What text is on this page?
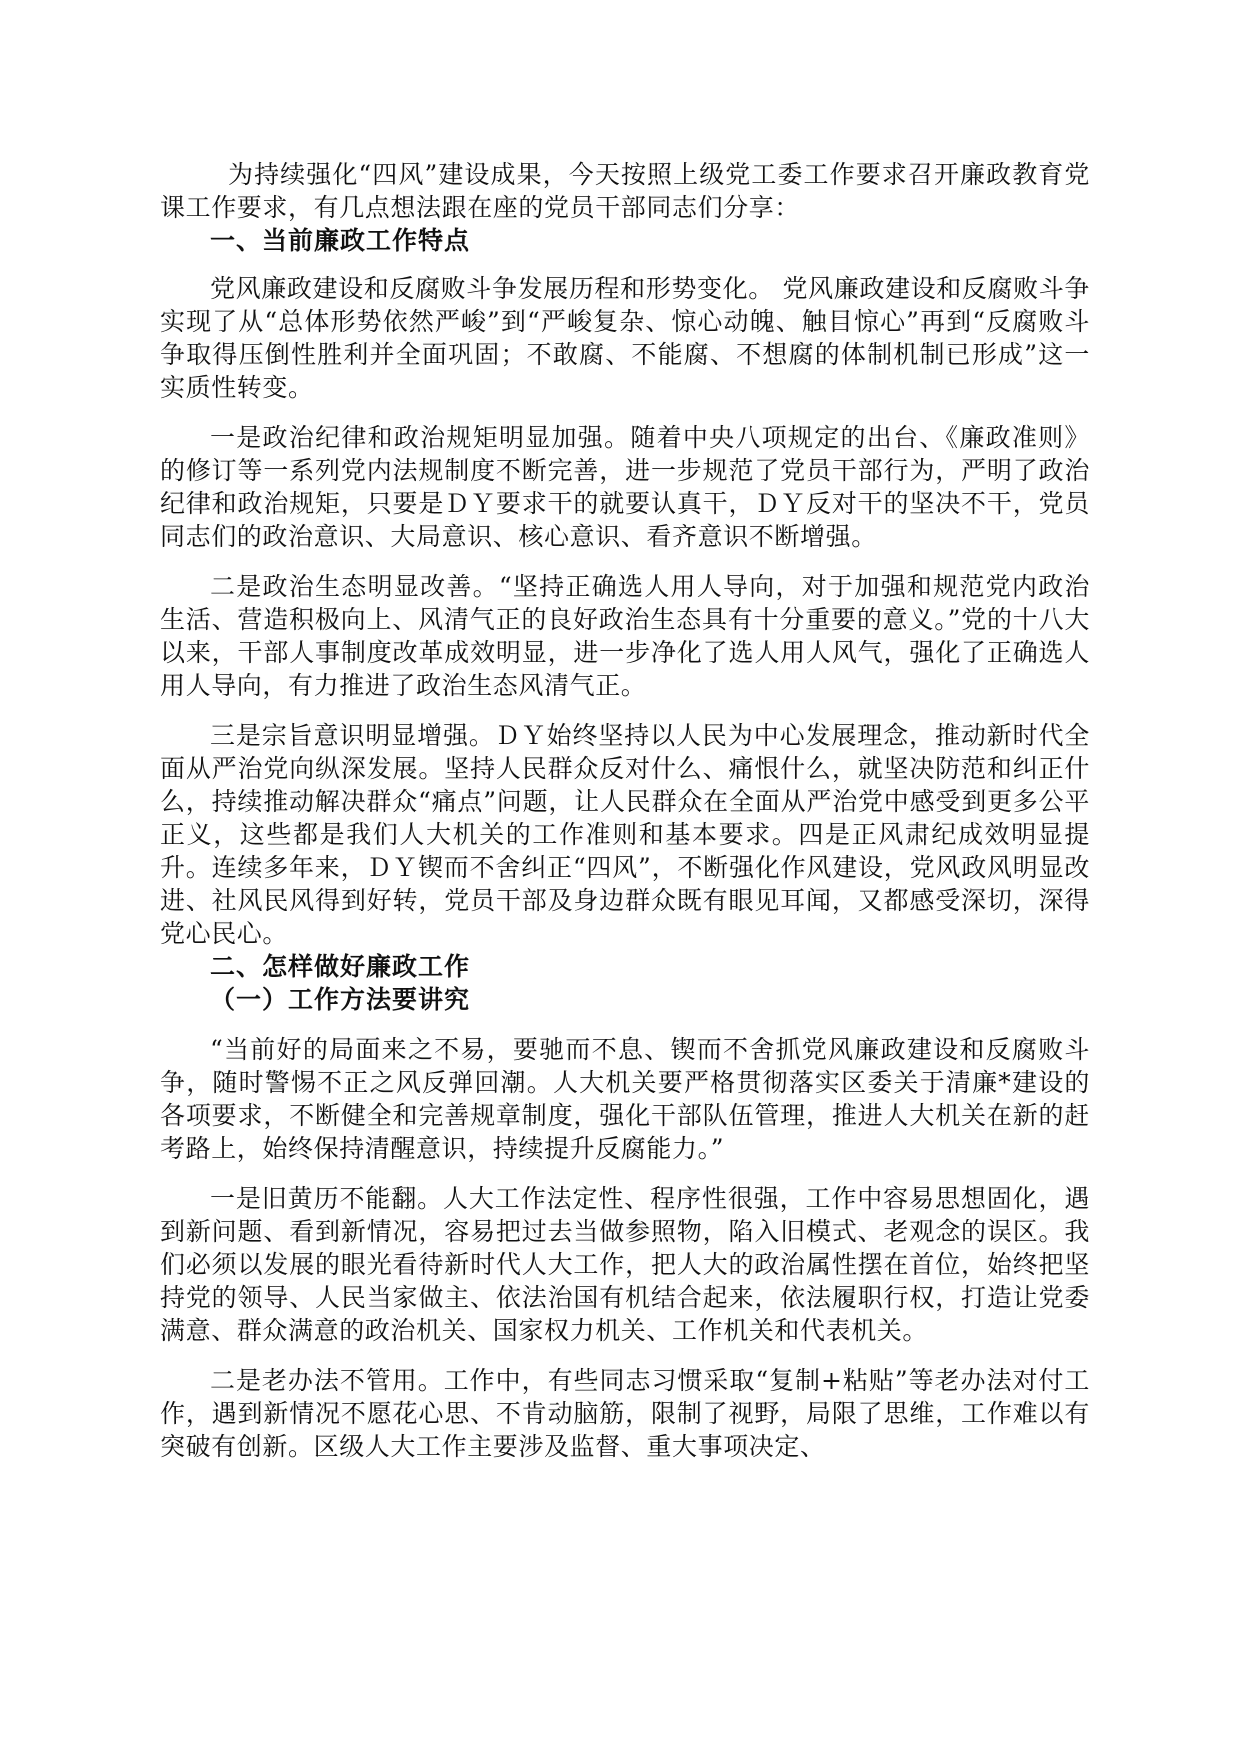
为持续强化“四风”建设成果，今天按照上级党工委工作要求召开廉政教育党课工作要求，有几点想法跟在座的党员干部同志们分享：

一、当前廉政工作特点

党风廉政建设和反腐败斗争发展历程和形势变化。 党风廉政建设和反腐败斗争实现了从“总体形势依然严峻”到“严峻复杂、惊心动魄、触目惊心”再到“反腐败斗争取得压倒性胜利并全面巩固；不敢腐、不能腐、不想腐的体制机制已形成”这一实质性转变。

一是政治纪律和政治规矩明显加强。随着中央八项规定的出台、《廉政准则》的修订等一系列党内法规制度不断完善，进一步规范了党员干部行为，严明了政治纪律和政治规矩，只要是ＤＹ要求干的就要认真干，ＤＹ反对干的坚决不干，党员同志们的政治意识、大局意识、核心意识、看齐意识不断增强。

二是政治生态明显改善。“坚持正确选人用人导向，对于加强和规范党内政治生活、营造积极向上、风清气正的良好政治生态具有十分重要的意义。”党的十八大以来，干部人事制度改革成效明显，进一步净化了选人用人风气，强化了正确选人用人导向，有力推进了政治生态风清气正。

三是宗旨意识明显增强。ＤＹ始终坚持以人民为中心发展理念，推动新时代全面从严治党向纵深发展。坚持人民群众反对什么、痛恨什么，就坚决防范和纠正什么，持续推动解决群众“痛点”问题，让人民群众在全面从严治党中感受到更多公平正义，这些都是我们人大机关的工作准则和基本要求。四是正风肃纪成效明显提升。连续多年来，ＤＹ锲而不舍纠正“四风”，不断强化作风建设，党风政风明显改进、社风民风得到好转，党员干部及身边群众既有眼见耳闻，又都感受深切，深得党心民心。

二、怎样做好廉政工作
（一）工作方法要讲究

“当前好的局面来之不易，要驰而不息、锲而不舍抓党风廉政建设和反腐败斗争，随时警惕不正之风反弹回潮。人大机关要严格贯彻落实区委关于清廉*建设的各项要求，不断健全和完善规章制度，强化干部队伍管理，推进人大机关在新的赶考路上，始终保持清醒意识，持续提升反腐能力。”

一是旧黄历不能翻。人大工作法定性、程序性很强，工作中容易思想固化，遇到新问题、看到新情况，容易把过去当做参照物，陷入旧模式、老观念的误区。我们必须以发展的眼光看待新时代人大工作，把人大的政治属性摆在首位，始终把坚持党的领导、人民当家做主、依法治国有机结合起来，依法履职行权，打造让党委满意、群众满意的政治机关、国家权力机关、工作机关和代表机关。

二是老办法不管用。工作中，有些同志习惯采取“复制+粘贴”等老办法对付工作，遇到新情况不愿花心思、不肯动脑筋，限制了视野，局限了思维，工作难以有突破有创新。区级人大工作主要涉及监督、重大事项决定、
